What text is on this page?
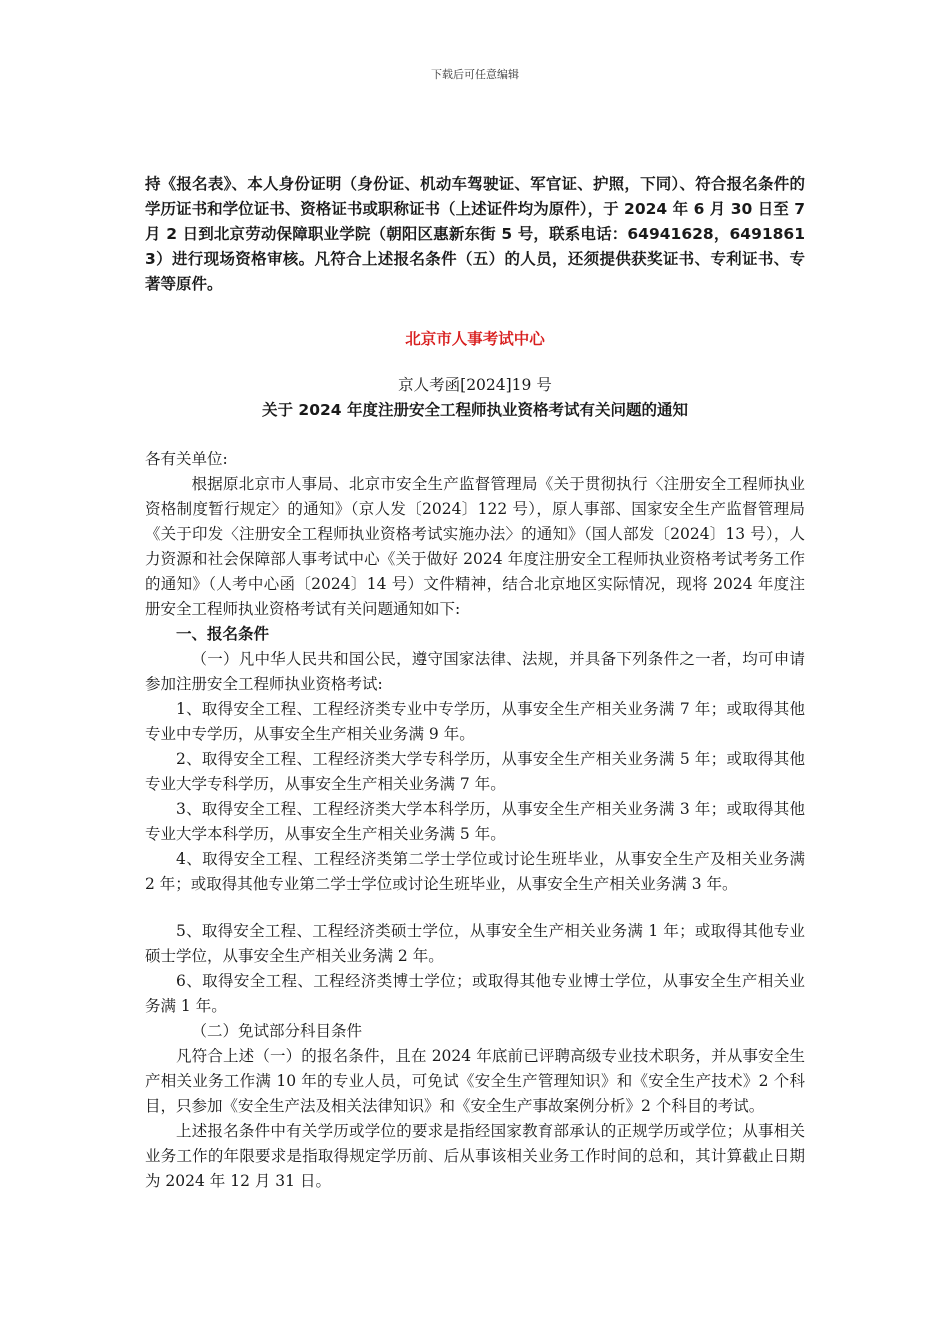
下载后可任意编辑

持《报名表》、本人身份证明（身份证、机动车驾驶证、军官证、护照，下同）、符合报名条件的学历证书和学位证书、资格证书或职称证书（上述证件均为原件），于 2024 年 6 月 30 日至 7 月 2 日到北京劳动保障职业学院（朝阳区惠新东街 5 号，联系电话：64941628，64918613）进行现场资格审核。凡符合上述报名条件（五）的人员，还须提供获奖证书、专利证书、专著等原件。

北京市人事考试中心
京人考函[2024]19 号
关于 2024 年度注册安全工程师执业资格考试有关问题的通知

各有关单位:

根据原北京市人事局、北京市安全生产监督管理局《关于贯彻执行〈注册安全工程师执业资格制度暂行规定〉的通知》（京人发〔2024〕122 号），原人事部、国家安全生产监督管理局《关于印发〈注册安全工程师执业资格考试实施办法〉的通知》（国人部发〔2024〕13 号），人力资源和社会保障部人事考试中心《关于做好 2024 年度注册安全工程师执业资格考试考务工作的通知》（人考中心函〔2024〕14 号）文件精神，结合北京地区实际情况，现将 2024 年度注册安全工程师执业资格考试有关问题通知如下:

一、报名条件

（一）凡中华人民共和国公民，遵守国家法律、法规，并具备下列条件之一者，均可申请参加注册安全工程师执业资格考试:

1、取得安全工程、工程经济类专业中专学历，从事安全生产相关业务满 7 年；或取得其他专业中专学历，从事安全生产相关业务满 9 年。

2、取得安全工程、工程经济类大学专科学历，从事安全生产相关业务满 5 年；或取得其他专业大学专科学历，从事安全生产相关业务满 7 年。

3、取得安全工程、工程经济类大学本科学历，从事安全生产相关业务满 3 年；或取得其他专业大学本科学历，从事安全生产相关业务满 5 年。

4、取得安全工程、工程经济类第二学士学位或讨论生班毕业，从事安全生产及相关业务满 2 年；或取得其他专业第二学士学位或讨论生班毕业，从事安全生产相关业务满 3 年。

5、取得安全工程、工程经济类硕士学位，从事安全生产相关业务满 1 年；或取得其他专业硕士学位，从事安全生产相关业务满 2 年。

6、取得安全工程、工程经济类博士学位；或取得其他专业博士学位，从事安全生产相关业务满 1 年。

（二）免试部分科目条件

凡符合上述（一）的报名条件，且在 2024 年底前已评聘高级专业技术职务，并从事安全生产相关业务工作满 10 年的专业人员，可免试《安全生产管理知识》和《安全生产技术》2 个科目，只参加《安全生产法及相关法律知识》和《安全生产事故案例分析》2 个科目的考试。

上述报名条件中有关学历或学位的要求是指经国家教育部承认的正规学历或学位；从事相关业务工作的年限要求是指取得规定学历前、后从事该相关业务工作时间的总和，其计算截止日期为 2024 年 12 月 31 日。
